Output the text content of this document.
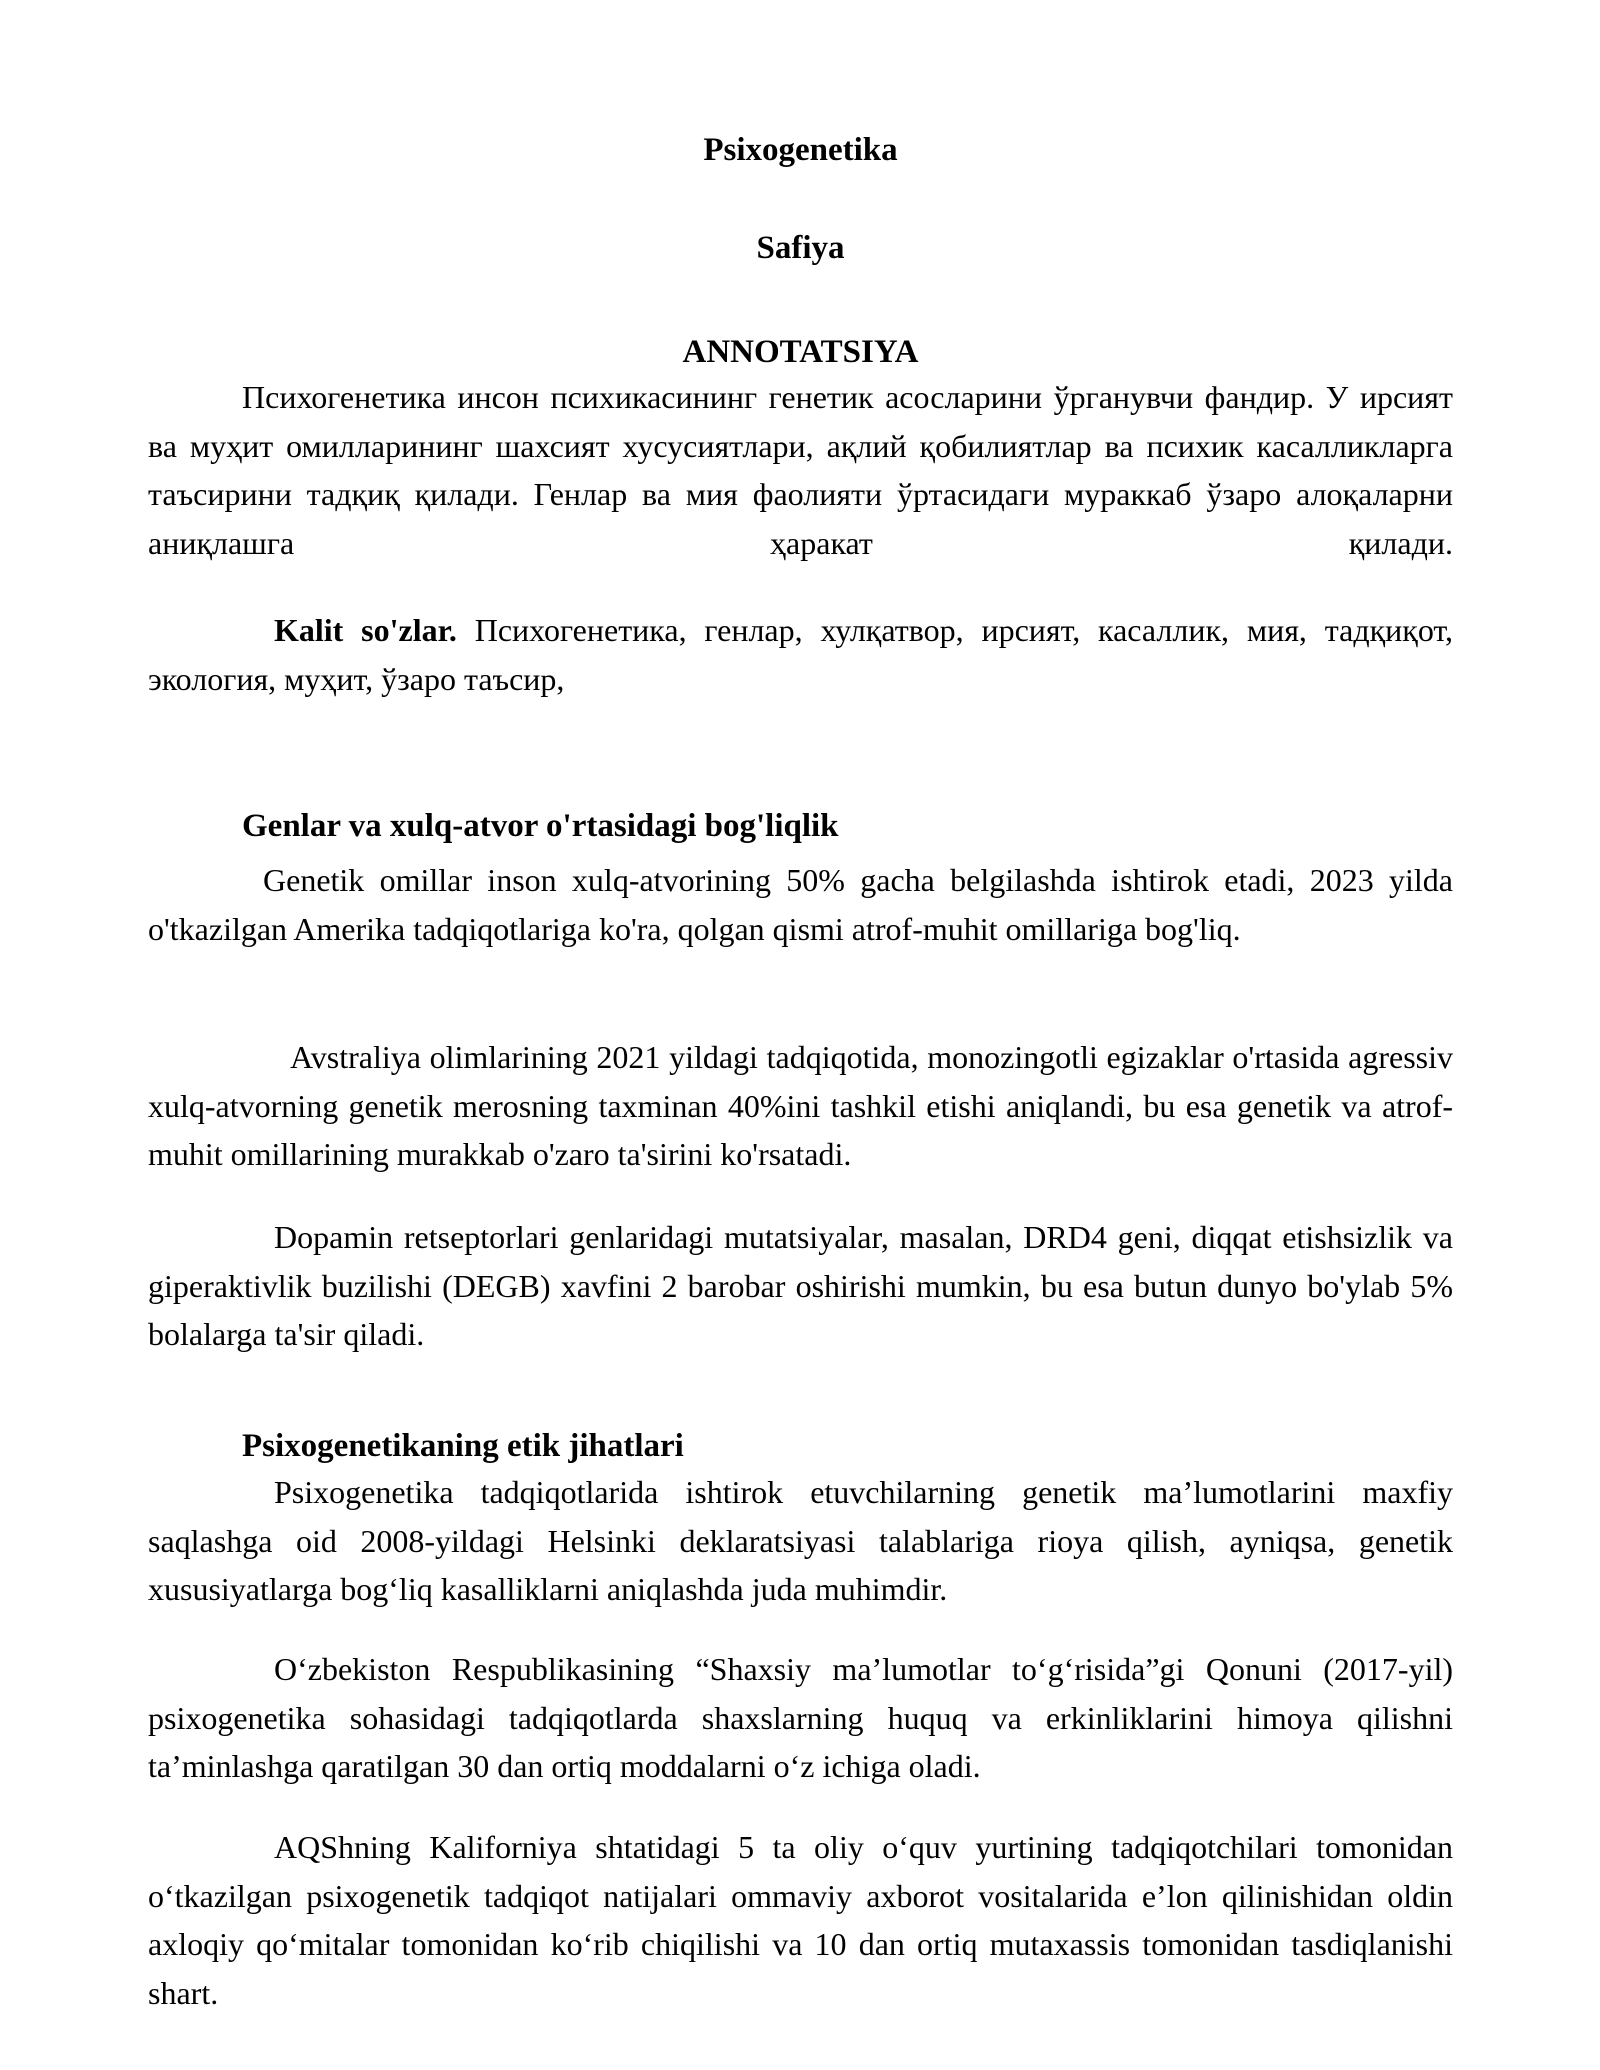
Psixogenetika
Safiya
ANNOTATSIYA

Психогенетика инсон психикасининг генетик асосларини ўрганувчи фандир. У ирсият ва муҳит омилларининг шахсият хусусиятлари, ақлий қобилиятлар ва психик касалликларга таъсирини тадқиқ қилади. Генлар ва мия фаолияти ўртасидаги мураккаб ўзаро алоқаларни аниқлашга ҳаракат қилади.

Kalit so'zlar. Психогенетика, генлар, хулқатвор, ирсият, касаллик, мия, тадқиқот, экология, муҳит, ўзаро таъсир,

Genlar va xulq-atvor o'rtasidagi bog'liqlik

Genetik omillar inson xulq-atvorining 50% gacha belgilashda ishtirok etadi, 2023 yilda o'tkazilgan Amerika tadqiqotlariga ko'ra, qolgan qismi atrof-muhit omillariga bog'liq.

Avstraliya olimlarining 2021 yildagi tadqiqotida, monozingotli egizaklar o'rtasida agressiv xulq-atvorning genetik merosning taxminan 40%ini tashkil etishi aniqlandi, bu esa genetik va atrof-muhit omillarining murakkab o'zaro ta'sirini ko'rsatadi.

Dopamin retseptorlari genlaridagi mutatsiyalar, masalan, DRD4 geni, diqqat etishsizlik va giperaktivlik buzilishi (DEGB) xavfini 2 barobar oshirishi mumkin, bu esa butun dunyo bo'ylab 5% bolalarga ta'sir qiladi.

Psixogenetikaning etik jihatlari

Psixogenetika tadqiqotlarida ishtirok etuvchilarning genetik ma’lumotlarini maxfiy saqlashga oid 2008-yildagi Helsinki deklaratsiyasi talablariga rioya qilish, ayniqsa, genetik xususiyatlarga bog‘liq kasalliklarni aniqlashda juda muhimdir.

O‘zbekiston Respublikasining “Shaxsiy ma’lumotlar to‘g‘risida”gi Qonuni (2017-yil) psixogenetika sohasidagi tadqiqotlarda shaxslarning huquq va erkinliklarini himoya qilishni ta’minlashga qaratilgan 30 dan ortiq moddalarni o‘z ichiga oladi.

AQShning Kaliforniya shtatidagi 5 ta oliy o‘quv yurtining tadqiqotchilari tomonidan o‘tkazilgan psixogenetik tadqiqot natijalari ommaviy axborot vositalarida e’lon qilinishidan oldin axloqiy qo‘mitalar tomonidan ko‘rib chiqilishi va 10 dan ortiq mutaxassis tomonidan tasdiqlanishi shart.
